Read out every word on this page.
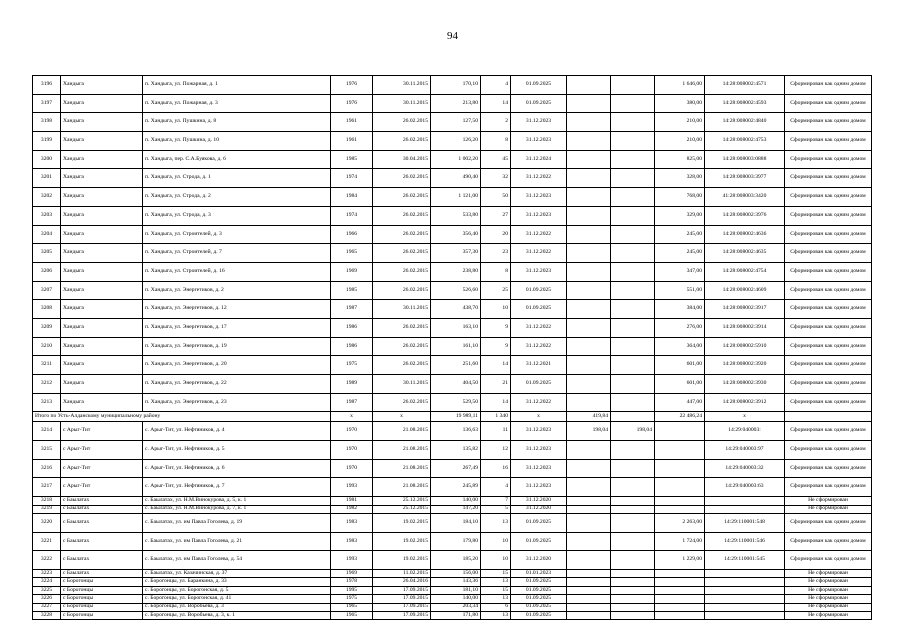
94
3196	Хандыга	п. Хандыга, ул. Пожарная, д. 1	1976	30.11.2015	170,10	4	01.09.2025			1 646,00	14:28:008002:4571	Сформирован как одним домом
3197	Хандыга	п. Хандыга, ул. Пожарная, д. 3	1976	30.11.2015	213,80	14	01.09.2025			380,00	14:28:008002:4593	Сформирован как одним домом
3198	Хандыга	п. Хандыга, ул. Пушкина, д. 8	1961	26.02.2015	127,50	2	31.12.2023			210,00	14:28:008002:4840	Сформирован как одним домом
3199	Хандыга	п. Хандыга, ул. Пушкина, д. 10	1961	26.02.2015	126,20	8	31.12.2023			210,00	14:28:008002:4753	Сформирован как одним домом
3200	Хандыга	п. Хандыга, пер. С.А.Буякова, д. 6	1985	30.04.2015	1 002,20	45	31.12.2024			825,00	14:28:008003:0888	Сформирован как одним домом
3201	Хандыга	п. Хандыга, ул. Строда, д. 1	1974	26.02.2015	490,40	32	31.12.2022			328,00	14:28:008003:3977	Сформирован как одним домом
3202	Хандыга	п. Хандыга, ул. Строда, д. 2	1984	26.02.2015	1 121,00	50	31.12.2023			768,00	41:28:008003:3420	Сформирован как одним домом
3203	Хандыга	п. Хандыга, ул. Строда, д. 3	1974	26.02.2015	533,80	27	31.12.2023			329,00	14:28:008002:3976	Сформирован как одним домом
3204	Хандыга	п. Хандыга, ул. Строителей, д. 3	1966	26.02.2015	356,40	20	31.12.2022			245,00	14:28:008002:4636	Сформирован как одним домом
3205	Хандыга	п. Хандыга, ул. Строителей, д. 7	1965	26.02.2015	357,30	23	31.12.2022			245,00	14:28:008002:4635	Сформирован как одним домом
3206	Хандыга	п. Хандыга, ул. Строителей, д. 16	1969	26.02.2015	238,80	8	31.12.2023			347,00	14:28:008002:4754	Сформирован как одним домом
3207	Хандыга	п. Хандыга, ул. Энергетиков, д. 2	1985	26.02.2015	526,60	25	01.09.2025			551,00	14:28:008002:4609	Сформирован как одним домом
3208	Хандыга	п. Хандыга, ул. Энергетиков, д. 12	1987	30.11.2015	438,70	10	01.09.2025			384,00	14:28:008002:3917	Сформирован как одним домом
3209	Хандыга	п. Хандыга, ул. Энергетиков, д. 17	1986	26.02.2015	163,10	9	31.12.2022			276,00	14:28:008002:3914	Сформирован как одним домом
3210	Хандыга	п. Хандыга, ул. Энергетиков, д. 19	1986	26.02.2015	161,10	9	31.12.2022			364,00	14:28:008002:5910	Сформирован как одним домом
3211	Хандыга	п. Хандыга, ул. Энергетиков, д. 20	1975	26.02.2015	251,60	14	31.12.2021			601,00	14:28:008002:3920	Сформирован как одним домом
3212	Хандыга	п. Хандыга, ул. Энергетиков, д. 22	1989	30.11.2015	404,50	21	01.09.2025			601,00	14:28:008002:3930	Сформирован как одним домом
3213	Хандыга	п. Хандыга, ул. Энергетиков, д. 23	1987	26.02.2015	529,50	14	31.12.2022			447,00	14:28:008002:3912	Сформирован как одним домом
Итого по Усть-Алданскому муниципальному району			x	x	19 989,11	1 340	x	419,84		22 486,24	x	
3214	с Арыг-Тит	с. Арыг-Тит, ул. Нефтяников, д. 4	1970	21.08.2015	136,63	11	31.12.2023	198,04	198,04		14:29:040003:	Сформирован как одним домом
3215	с Арыг-Тит	с. Арыг-Тит, ул. Нефтяников, д. 5	1970	21.08.2015	135,82	12	31.12.2023				14:29:040003:97	Сформирован как одним домом
3216	с Арыг-Тит	с. Арыг-Тит, ул. Нефтяников, д. 6	1970	21.08.2015	267,49	16	31.12.2023				14:29:040003:32	Сформирован как одним домом
3217	с Арыг-Тит	с. Арыг-Тит, ул. Нефтяников, д. 7	1993	21.08.2015	245,89	4	31.12.2023				14:29:040003:63	Сформирован как одним домом
3218	с Баылатах	с. Баылатах, ул. Н.М.Винокурова, д. 5, к. 1	1981	25.12.2015	140,00	7	31.12.2020					Не сформирован
3219	с Баылатах	с. Баылатах, ул. Н.М.Винокурова, д. 7, к. 1	1982	25.12.2015	147,20	5	31.12.2020					Не сформирован
3220	с Баылатах	с. Баылатах, ул. им Павла Гоголева, д. 19	1983	19.02.2015	184,10	13	01.09.2025			2 263,00	14:29:110001:548	Сформирован как одним домом
3221	с Баылатах	с. Баылатах, ул. им Павла Гоголева, д. 21	1983	19.02.2015	179,80	10	01.09.2025			1 724,00	14:29:110001:546	Сформирован как одним домом
3222	с Баылатах	с. Баылатах, ул. им Павла Гоголева, д. 54	1993	19.02.2015	185,20	10	31.12.2020			1 229,00	14:29:110001:545	Сформирован как одним домом
3223	с Баылатах	с. Баылатах, ул. Казачинская, д. 37	1969	11.02.2015	156,00	15	01.01.2023					Не сформирован
3224	с Борогонцы	с. Борогонцы, ул. Баранкина, д. 33	1978	26.04.2016	143,36	13	01.09.2025					Не сформирован
3225	с Борогонцы	с. Борогонцы, ул. Борогонская, д. 5	1995	17.09.2015	181,10	15	01.09.2025					Не сформирован
3226	с Борогонцы	с. Борогонцы, ул. Борогонская, д. 41	1975	17.09.2015	140,00	13	01.09.2025					Не сформирован
3227	с Борогонцы	с. Борогонцы, ул. Воробьева, д. 3	1965	17.09.2015	203,34	6	01.09.2025					Не сформирован
3228	с Борогонцы	с. Борогонцы, ул. Воробьева, д. 3, к. 1	1965	17.09.2015	171,80	13	01.09.2025					Не сформирован
